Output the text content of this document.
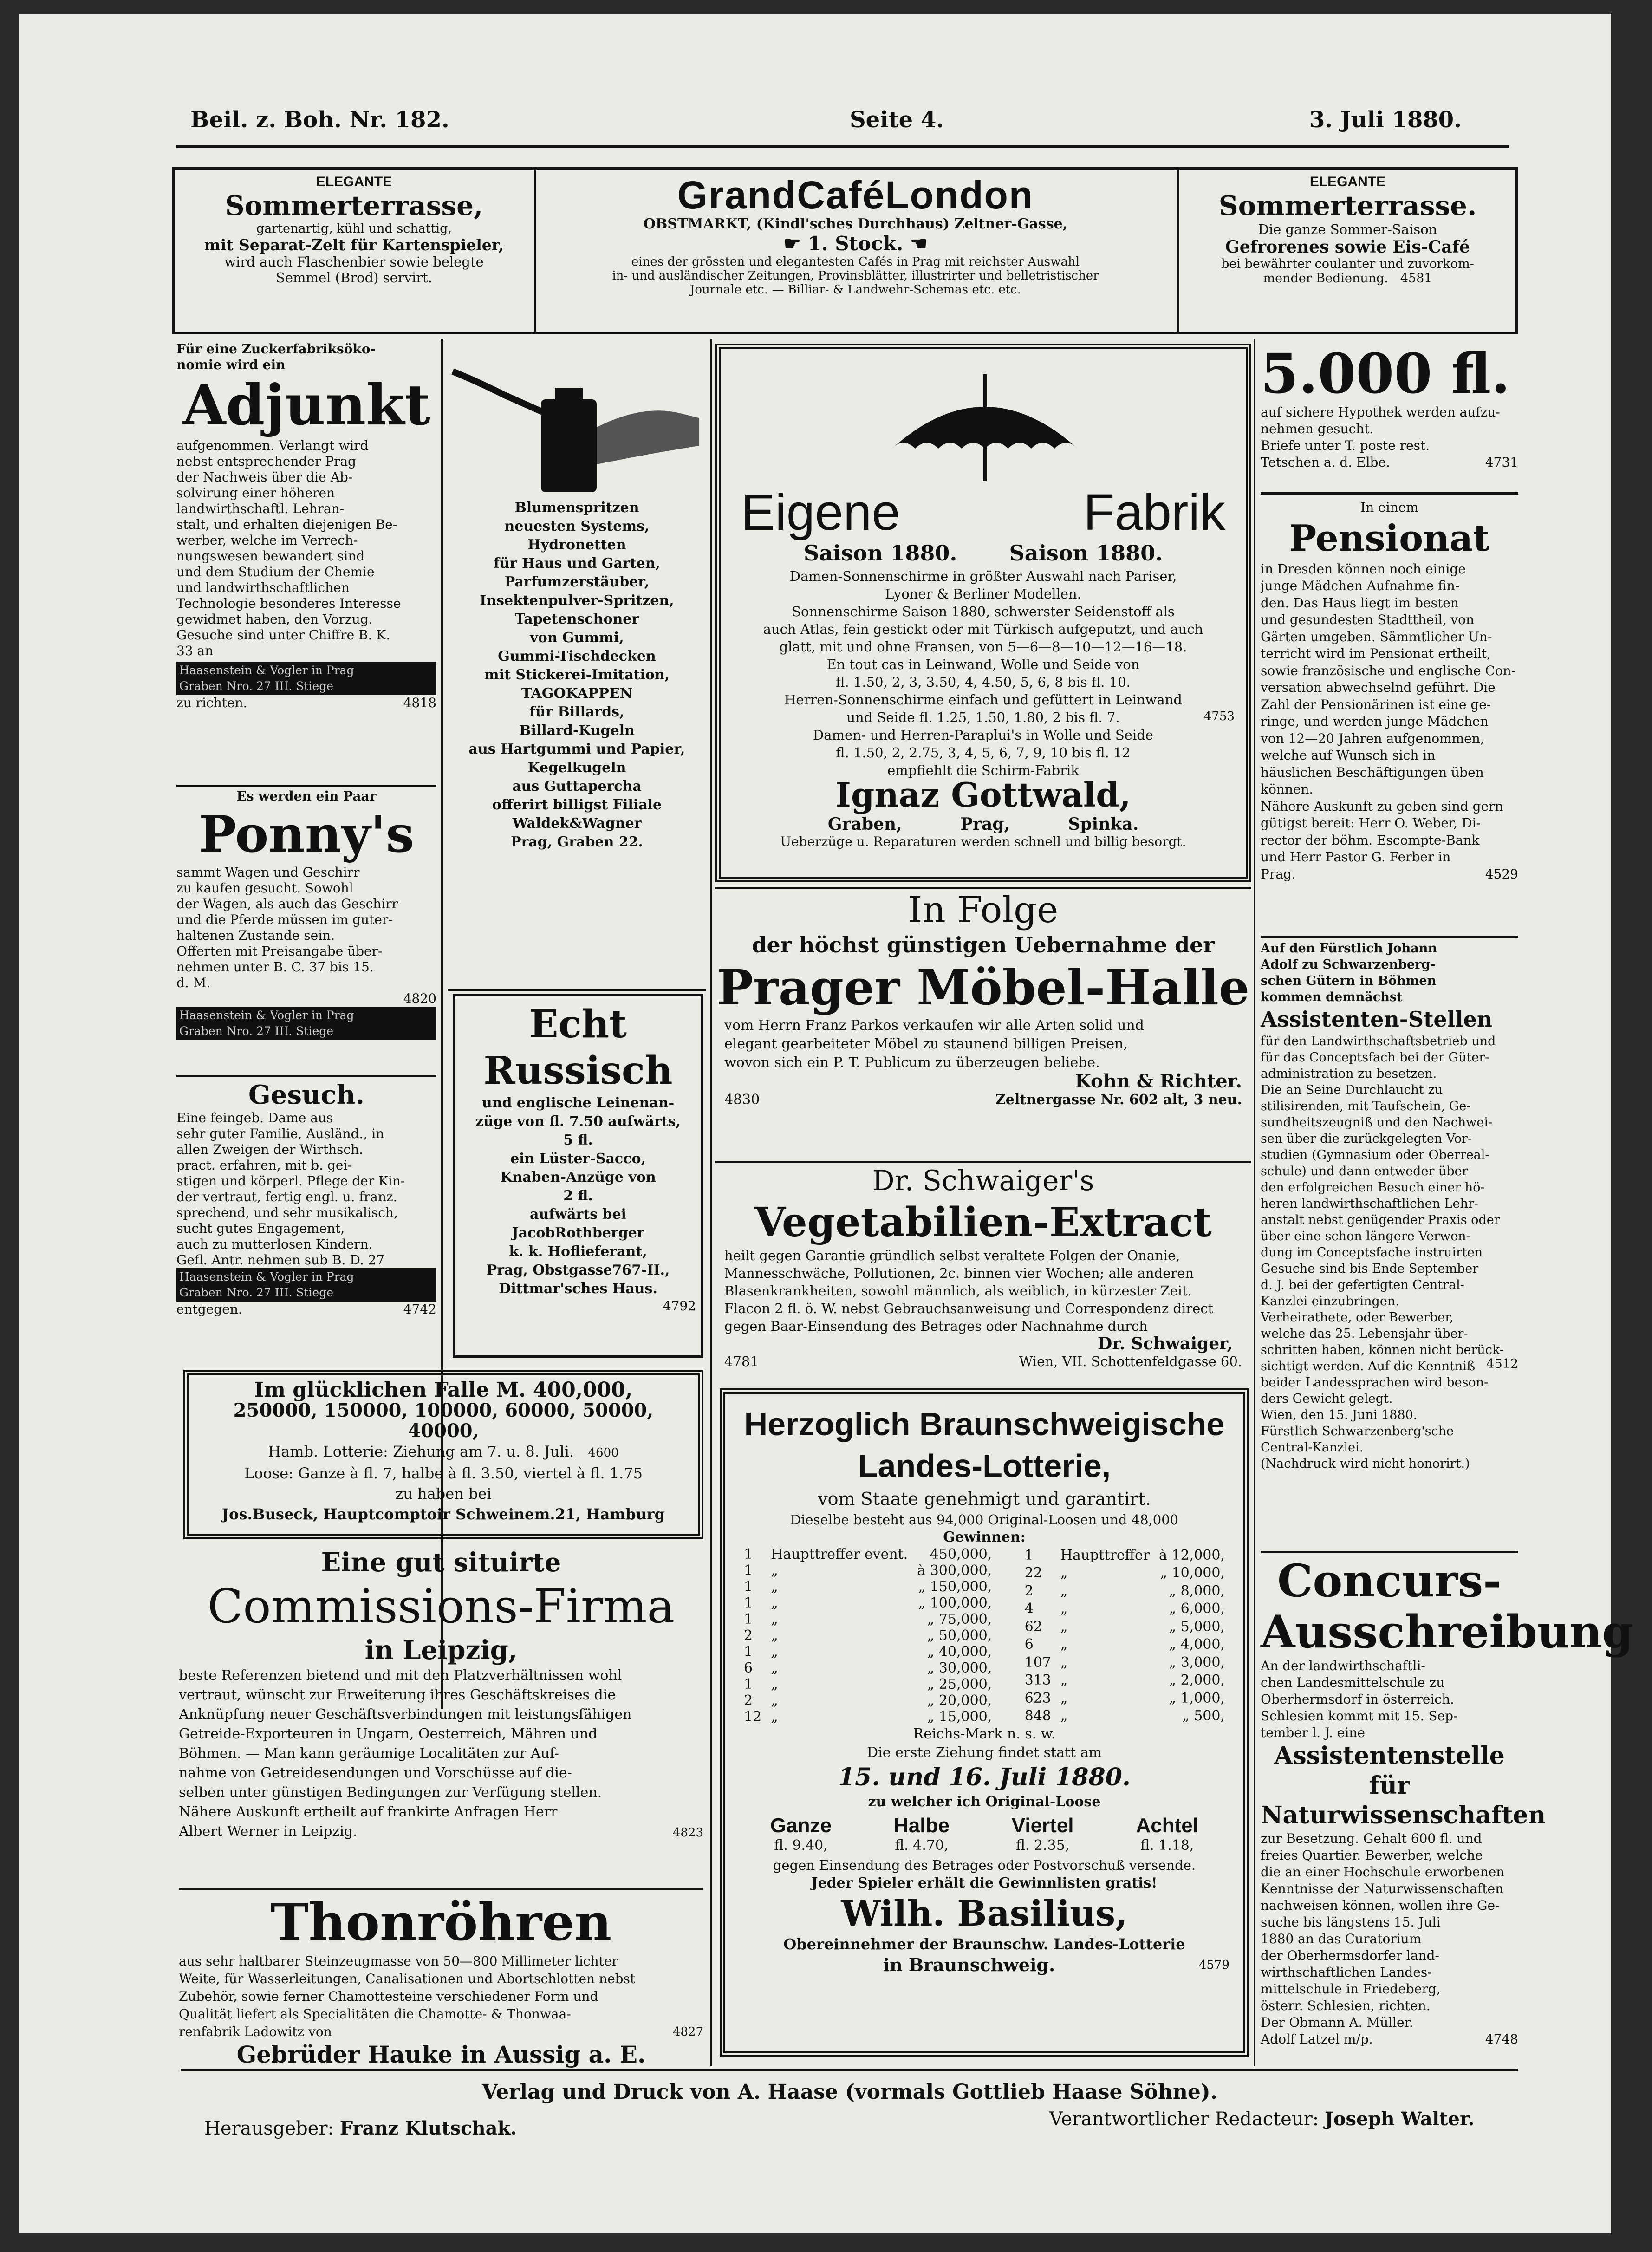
Beil. z. Boh. Nr. 182.	Seite 4.	3. Juli 1880.
ELEGANTE
Sommerterrasse,
gartenartig, kühl und schattig,
mit Separat-Zelt für Kartenspieler,
wird auch Flaschenbier sowie belegte
Semmel (Brod) servirt.
GrandCaféLondon
OBSTMARKT, (Kindl'sches Durchhaus) Zeltner-Gasse,
☛ 1. Stock. ☚
eines der grössten und elegantesten Cafés in Prag mit reichster Auswahl
in- und ausländischer Zeitungen, Provinsblätter, illustrirter und belletristischer
Journale etc. — Billiar- & Landwehr-Schemas etc. etc.
ELEGANTE
Sommerterrasse.
Die ganze Sommer-Saison
Gefrorenes sowie Eis-Café
bei bewährter coulanter und zuvorkom-
mender Bedienung. 4581
Für eine Zuckerfabriksöko-
nomie wird ein
Adjunkt
aufgenommen. Verlangt wird
nebst entsprechender Prag
der Nachweis über die Ab-
solvirung einer höheren
landwirthschaftl. Lehran-
stalt, und erhalten diejenigen Be-
werber, welche im Verrech-
nungswesen bewandert sind
und dem Studium der Chemie
und landwirthschaftlichen
Technologie besonderes Interesse
gewidmet haben, den Vorzug.
Gesuche sind unter Chiffre B. K.
33 an
Haasenstein & Vogler in Prag
Graben Nro. 27 III. Stiege
zu richten.	4818
Es werden ein Paar
Ponny's
sammt Wagen und Geschirr
zu kaufen gesucht. Sowohl
der Wagen, als auch das Geschirr
und die Pferde müssen im guter-
haltenen Zustande sein.
Offerten mit Preisangabe über-
nehmen unter B. C. 37 bis 15.
d. M.
4820
Haasenstein & Vogler in Prag
Graben Nro. 27 III. Stiege
Gesuch.
Eine feingeb. Dame aus
sehr guter Familie, Ausländ., in
allen Zweigen der Wirthsch.
pract. erfahren, mit b. gei-
stigen und körperl. Pflege der Kin-
der vertraut, fertig engl. u. franz.
sprechend, und sehr musikalisch,
sucht gutes Engagement,
auch zu mutterlosen Kindern.
Gefl. Antr. nehmen sub B. D. 27
Haasenstein & Vogler in Prag
Graben Nro. 27 III. Stiege
entgegen.	4742
Blumenspritzen
neuesten Systems,
Hydronetten
für Haus und Garten,
Parfumzerstäuber,
Insektenpulver-Spritzen,
Tapetenschoner
von Gummi,
Gummi-Tischdecken
mit Stickerei-Imitation,
TAGOKAPPEN
für Billards,
Billard-Kugeln
aus Hartgummi und Papier,
Kegelkugeln
aus Guttapercha
offerirt billigst Filiale
Waldek&Wagner
Prag, Graben 22.
Echt Russisch
und englische Leinenan-
züge von fl. 7.50 aufwärts,
5 fl.
ein Lüster-Sacco,
Knaben-Anzüge von
2 fl.
aufwärts bei
JacobRothberger
k. k. Hoflieferant,
Prag, Obstgasse767-II.,
Dittmar'sches Haus.
4792
Im glücklichen Falle M. 400,000,
250000, 150000, 100000, 60000, 50000, 40000,
Hamb. Lotterie: Ziehung am 7. u. 8. Juli. 4600
Loose: Ganze à fl. 7, halbe à fl. 3.50, viertel à fl. 1.75
zu haben bei
Jos.Buseck, Hauptcomptoir Schweinem.21, Hamburg
Eine gut situirte
Commissions-Firma
in Leipzig,
beste Referenzen bietend und mit den Platzverhältnissen wohl
vertraut, wünscht zur Erweiterung ihres Geschäftskreises die
Anknüpfung neuer Geschäftsverbindungen mit leistungsfähigen
Getreide-Exporteuren in Ungarn, Oesterreich, Mähren und
Böhmen. — Man kann geräumige Localitäten zur Auf-
nahme von Getreidesendungen und Vorschüsse auf die-
selben unter günstigen Bedingungen zur Verfügung stellen.
Nähere Auskunft ertheilt auf frankirte Anfragen Herr
Albert Werner in Leipzig.	4823
Thonröhren
aus sehr haltbarer Steinzeugmasse von 50—800 Millimeter lichter
Weite, für Wasserleitungen, Canalisationen und Abortschlotten nebst
Zubehör, sowie ferner Chamottesteine verschiedener Form und
Qualität liefert als Specialitäten die Chamotte- & Thonwaa-
renfabrik Ladowitz von	4827
Gebrüder Hauke in Aussig a. E.
Eigene	Fabrik
Saison 1880.       Saison 1880.
Damen-Sonnenschirme in größter Auswahl nach Pariser,
Lyoner & Berliner Modellen.
Sonnenschirme Saison 1880, schwerster Seidenstoff als
auch Atlas, fein gestickt oder mit Türkisch aufgeputzt, und auch
glatt, mit und ohne Fransen, von 5—6—8—10—12—16—18.
En tout cas in Leinwand, Wolle und Seide von
fl. 1.50, 2, 3, 3.50, 4, 4.50, 5, 6, 8 bis fl. 10.
Herren-Sonnenschirme einfach und gefüttert in Leinwand
und Seide fl. 1.25, 1.50, 1.80, 2 bis fl. 7.
Damen- und Herren-Paraplui's in Wolle und Seide
fl. 1.50, 2, 2.75, 3, 4, 5, 6, 7, 9, 10 bis fl. 12
empfiehlt die Schirm-Fabrik
4753
Ignaz Gottwald,
Graben,          Prag,          Spinka.
Ueberzüge u. Reparaturen werden schnell und billig besorgt.
In Folge
der höchst günstigen Uebernahme der
Prager Möbel-Halle
vom Herrn Franz Parkos verkaufen wir alle Arten solid und
elegant gearbeiteter Möbel zu staunend billigen Preisen,
wovon sich ein P. T. Publicum zu überzeugen beliebe.
Kohn & Richter.
4830	Zeltnergasse Nr. 602 alt, 3 neu.
Dr. Schwaiger's
Vegetabilien-Extract
heilt gegen Garantie gründlich selbst veraltete Folgen der Onanie,
Mannesschwäche, Pollutionen, 2c. binnen vier Wochen; alle anderen
Blasenkrankheiten, sowohl männlich, als weiblich, in kürzester Zeit.
Flacon 2 fl. ö. W. nebst Gebrauchsanweisung und Correspondenz direct
gegen Baar-Einsendung des Betrages oder Nachnahme durch
Dr. Schwaiger,
4781	Wien, VII. Schottenfeldgasse 60.
Herzoglich Braunschweigische
Landes-Lotterie,
vom Staate genehmigt und garantirt.
Dieselbe besteht aus 94,000 Original-Loosen und 48,000
Gewinnen:
1	Haupttreffer event.	450,000,
1	„	à 300,000,
1	„	„ 150,000,
1	„	„ 100,000,
1	„	„ 75,000,
2	„	„ 50,000,
1	„	„ 40,000,
6	„	„ 30,000,
1	„	„ 25,000,
2	„	„ 20,000,
12	„	„ 15,000,
1	Haupttreffer	à 12,000,
22	„	„ 10,000,
2	„	„ 8,000,
4	„	„ 6,000,
62	„	„ 5,000,
6	„	„ 4,000,
107	„	„ 3,000,
313	„	„ 2,000,
623	„	„ 1,000,
848	„	„ 500,
Reichs-Mark n. s. w.
Die erste Ziehung findet statt am
15. und 16. Juli 1880.
zu welcher ich Original-Loose
Ganze
fl. 9.40,
Halbe
fl. 4.70,
Viertel
fl. 2.35,
Achtel
fl. 1.18,
gegen Einsendung des Betrages oder Postvorschuß versende.
Jeder Spieler erhält die Gewinnlisten gratis!
Wilh. Basilius,
Obereinnehmer der Braunschw. Landes-Lotterie
in Braunschweig.	4579
5.000 fl.
auf sichere Hypothek werden aufzu-
nehmen gesucht.
Briefe unter T. poste rest.
Tetschen a. d. Elbe.	4731
In einem
Pensionat
in Dresden können noch einige
junge Mädchen Aufnahme fin-
den. Das Haus liegt im besten
und gesundesten Stadttheil, von
Gärten umgeben. Sämmtlicher Un-
terricht wird im Pensionat ertheilt,
sowie französische und englische Con-
versation abwechselnd geführt. Die
Zahl der Pensionärinen ist eine ge-
ringe, und werden junge Mädchen
von 12—20 Jahren aufgenommen,
welche auf Wunsch sich in
häuslichen Beschäftigungen üben
können.
Nähere Auskunft zu geben sind gern
gütigst bereit: Herr O. Weber, Di-
rector der böhm. Escompte-Bank
und Herr Pastor G. Ferber in
Prag.	4529
Auf den Fürstlich Johann
Adolf zu Schwarzenberg-
schen Gütern in Böhmen
kommen demnächst
Assistenten-Stellen
für den Landwirthschaftsbetrieb und
für das Conceptsfach bei der Güter-
administration zu besetzen.
Die an Seine Durchlaucht zu
stilisirenden, mit Taufschein, Ge-
sundheitszeugniß und den Nachwei-
sen über die zurückgelegten Vor-
studien (Gymnasium oder Oberreal-
schule) und dann entweder über
den erfolgreichen Besuch einer hö-
heren landwirthschaftlichen Lehr-
anstalt nebst genügender Praxis oder
über eine schon längere Verwen-
dung im Conceptsfache instruirten
Gesuche sind bis Ende September
d. J. bei der gefertigten Central-
Kanzlei einzubringen.
Verheirathete, oder Bewerber,
welche das 25. Lebensjahr über-
schritten haben, können nicht berück-
sichtigt werden. Auf die Kenntniß
beider Landessprachen wird beson-
ders Gewicht gelegt.
Wien, den 15. Juni 1880.
Fürstlich Schwarzenberg'sche
Central-Kanzlei.
(Nachdruck wird nicht honorirt.)
4512
Concurs-
Ausschreibung
An der landwirthschaftli-
chen Landesmittelschule zu
Oberhermsdorf in österreich.
Schlesien kommt mit 15. Sep-
tember l. J. eine
Assistentenstelle für
Naturwissenschaften
zur Besetzung. Gehalt 600 fl. und
freies Quartier. Bewerber, welche
die an einer Hochschule erworbenen
Kenntnisse der Naturwissenschaften
nachweisen können, wollen ihre Ge-
suche bis längstens 15. Juli
1880 an das Curatorium
der Oberhermsdorfer land-
wirthschaftlichen Landes-
mittelschule in Friedeberg,
österr. Schlesien, richten.
Der Obmann A. Müller.
Adolf Latzel m/p.	4748
Verlag und Druck von A. Haase (vormals Gottlieb Haase Söhne).
Herausgeber: Franz Klutschak.	Verantwortlicher Redacteur: Joseph Walter.
